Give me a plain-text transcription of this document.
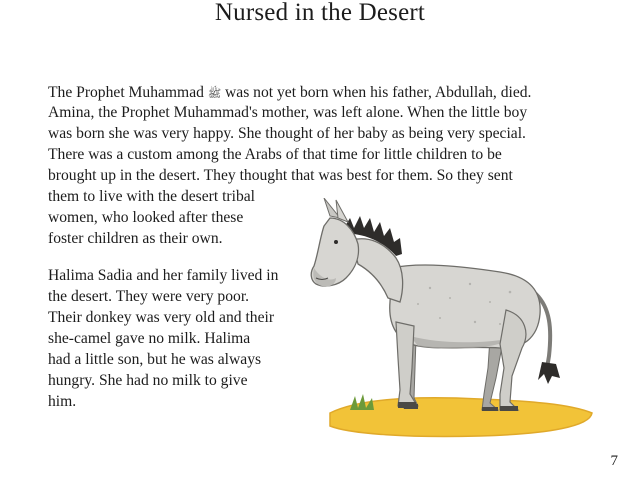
Nursed in the Desert

The Prophet Muhammad ﷺ was not yet born when his father, Abdullah, died.

Amina, the Prophet Muhammad's mother, was left alone. When the little boy

was born she was very happy. She thought of her baby as being very special.

There was a custom among the Arabs of that time for little children to be

brought up in the desert. They thought that was best for them. So they sent

them to live with the desert tribal

women, who looked after these

foster children as their own.

Halima Sadia and her family lived in

the desert. They were very poor.

Their donkey was very old and their

she-camel gave no milk. Halima

had a little son, but he was always

hungry. She had no milk to give

him.

7
